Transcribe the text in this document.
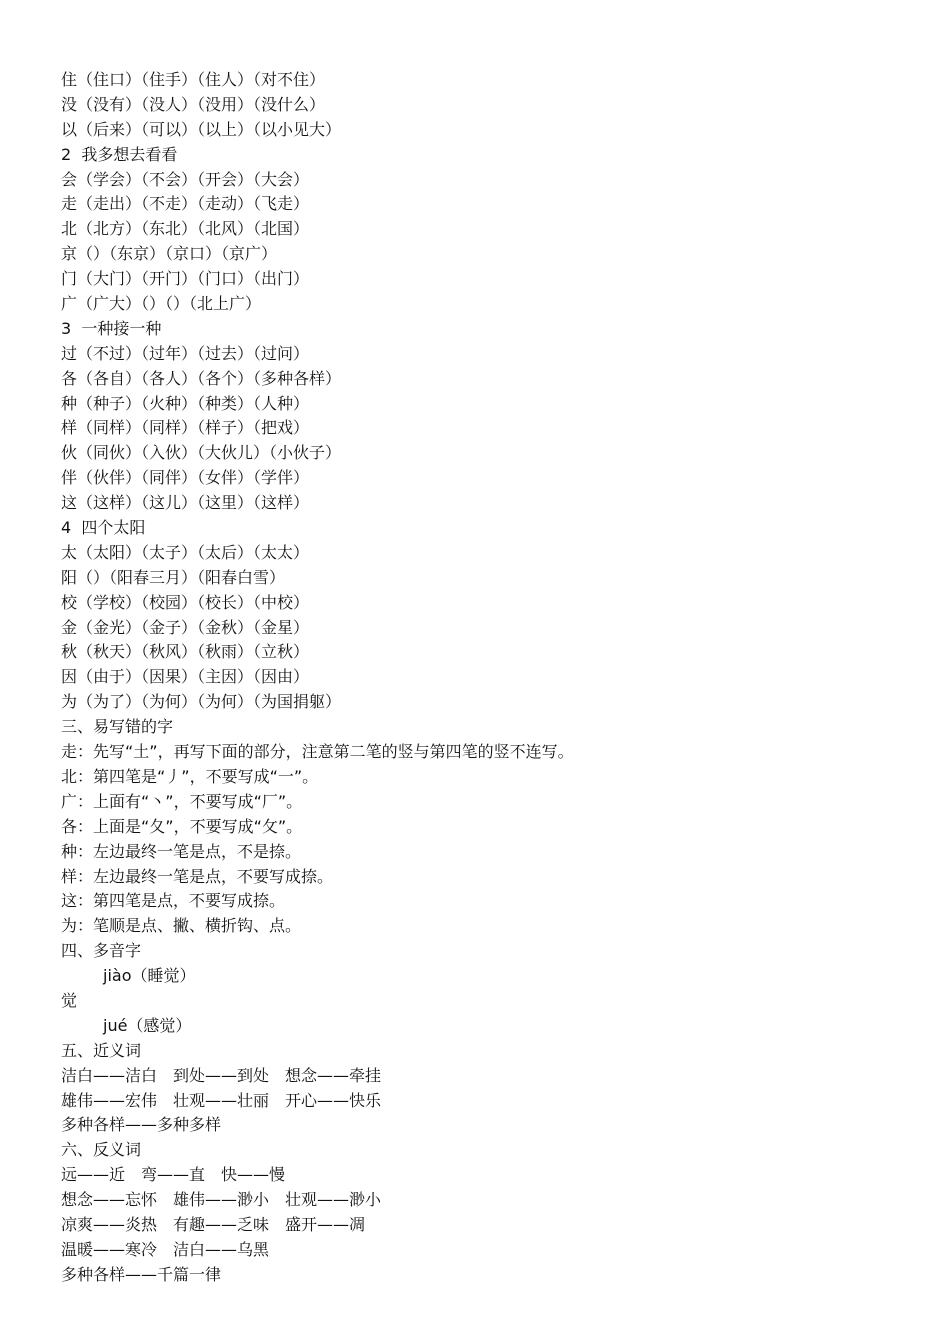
住（住口）（住手）（住人）（对不住）
没（没有）（没人）（没用）（没什么）
以（后来）（可以）（以上）（以小见大）
2  我多想去看看
会（学会）（不会）（开会）（大会）
走（走出）（不走）（走动）（飞走）
北（北方）（东北）（北风）（北国）
京（）（东京）（京口）（京广）
门（大门）（开门）（门口）（出门）
广（广大）（）（）（北上广）
3  一种接一种
过（不过）（过年）（过去）（过问）
各（各自）（各人）（各个）（多种各样）
种（种子）（火种）（种类）（人种）
样（同样）（同样）（样子）（把戏）
伙（同伙）（入伙）（大伙儿）（小伙子）
伴（伙伴）（同伴）（女伴）（学伴）
这（这样）（这儿）（这里）（这样）
4  四个太阳
太（太阳）（太子）（太后）（太太）
阳（）（阳春三月）（阳春白雪）
校（学校）（校园）（校长）（中校）
金（金光）（金子）（金秋）（金星）
秋（秋天）（秋风）（秋雨）（立秋）
因（由于）（因果）（主因）（因由）
为（为了）（为何）（为何）（为国捐躯）
三、易写错的字
走：先写“土”，再写下面的部分，注意第二笔的竖与第四笔的竖不连写。
北：第四笔是“丿”，不要写成“一”。
广：上面有“丶”，不要写成“厂”。
各：上面是“夂”，不要写成“攵”。
种：左边最终一笔是点，不是捺。
样：左边最终一笔是点，不要写成捺。
这：第四笔是点，不要写成捺。
为：笔顺是点、撇、横折钩、点。
四、多音字
jiào（睡觉）
觉
jué（感觉）
五、近义词
洁白——洁白　到处——到处　想念——牵挂
雄伟——宏伟　壮观——壮丽　开心——快乐
多种各样——多种多样
六、反义词
远——近　弯——直　快——慢
想念——忘怀　雄伟——渺小　壮观——渺小
凉爽——炎热　有趣——乏味　盛开——凋
温暖——寒冷　洁白——乌黑
多种各样——千篇一律
